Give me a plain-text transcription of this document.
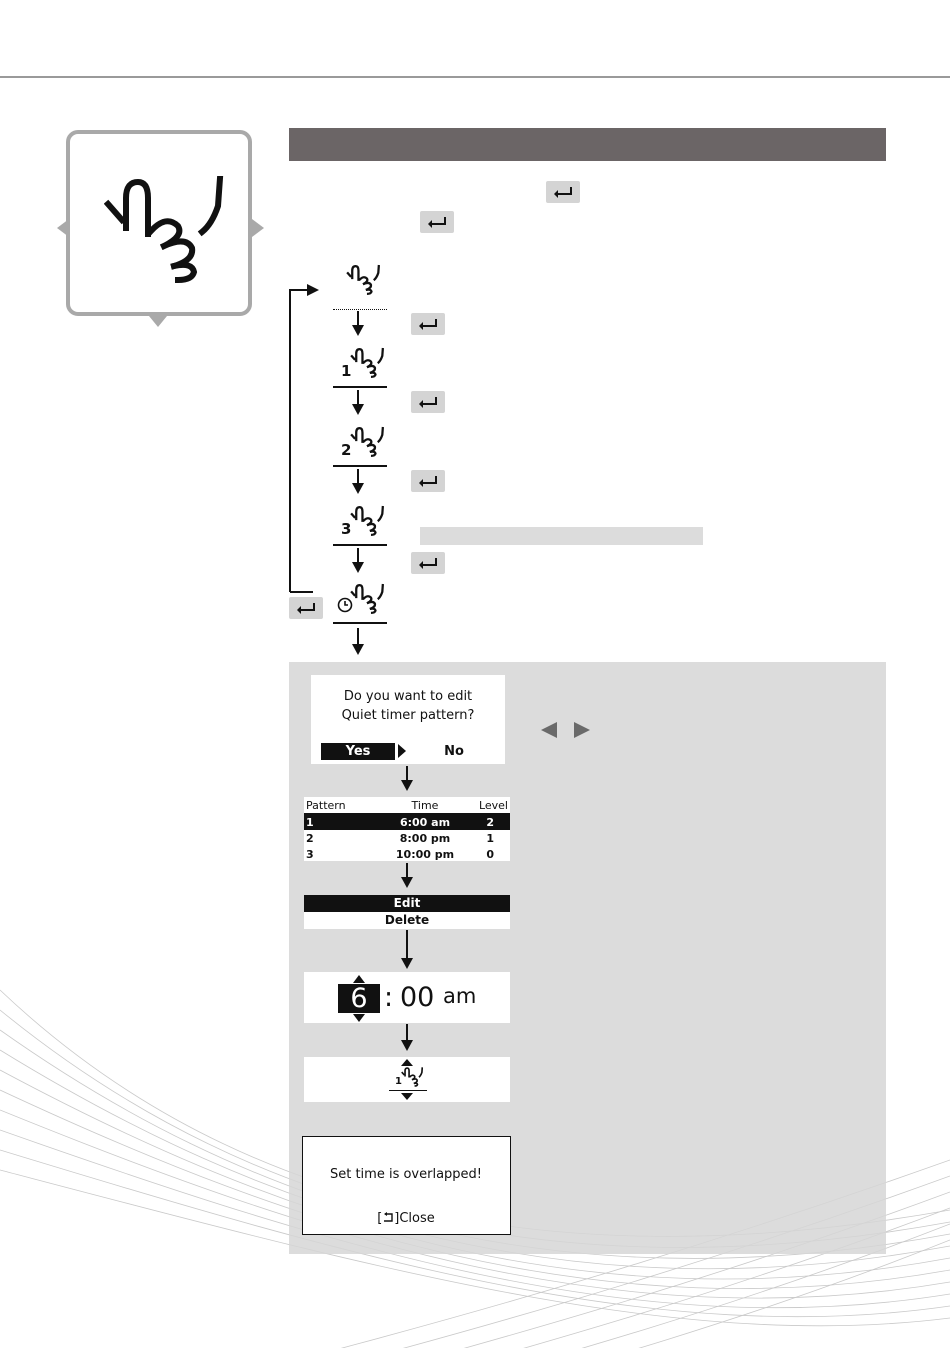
1
2
3
Do you want to edit
Quiet timer pattern?
Yes	No
Pattern	Time	Level
1	6:00 am	2
2	8:00 pm	1
3	10:00 pm	0
Edit
Delete
6 : 00 am
1
Set time is overlapped!
[ ]Close
